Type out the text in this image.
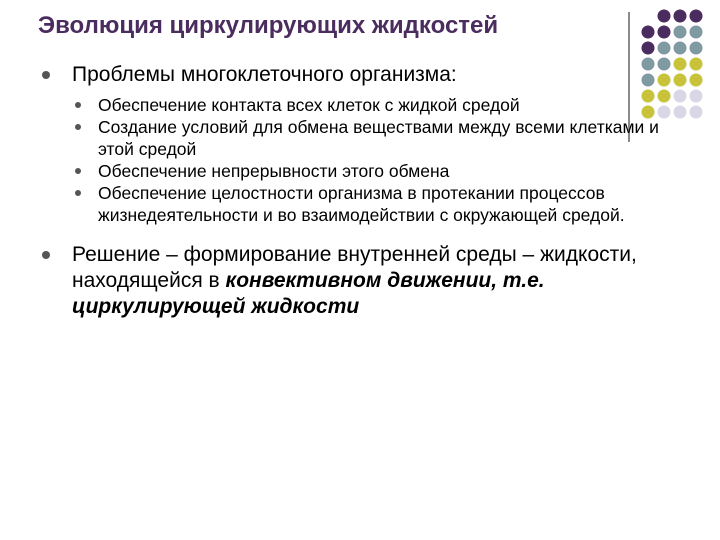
Эволюция циркулирующих жидкостей
Проблемы многоклеточного организма:
Обеспечение контакта всех клеток с жидкой средой
Создание условий для обмена веществами между всеми клетками и этой средой
Обеспечение непрерывности этого обмена
Обеспечение целостности организма в протекании процессов жизнедеятельности и во взаимодействии с окружающей средой.
Решение – формирование внутренней среды – жидкости, находящейся в конвективном движении, т.е. циркулирующей жидкости
